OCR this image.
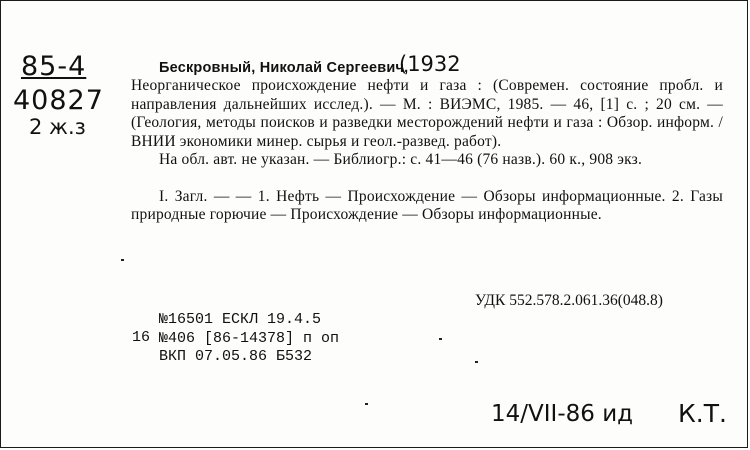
85-4
40827
2 ж.з
(1932

Бескровный, Николай Сергеевич,
Неорганическое происхождение нефти и газа : (Современ. состояние пробл. и направления дальнейших исслед.). — М. : ВИЭМС, 1985. — 46, [1] с. ; 20 см. — (Геология, методы поисков и разведки месторождений нефти и газа : Обзор. информ. / ВНИИ экономики минер. сырья и геол.-развед. работ).

На обл. авт. не указан. — Библиогр.: с. 41—46 (76 назв.). 60 к., 908 экз.

I. Загл. — — 1. Нефть — Происхождение — Обзоры информационные. 2. Газы природные горючие — Происхождение — Обзоры информационные.

УДК 552.578.2.061.36(048.8)
16
№16501 ЕСКЛ 19.4.5
№406 [86-14378] п оп
ВКП 07.05.86 Б532
14/VII-86 ид К.Т.
